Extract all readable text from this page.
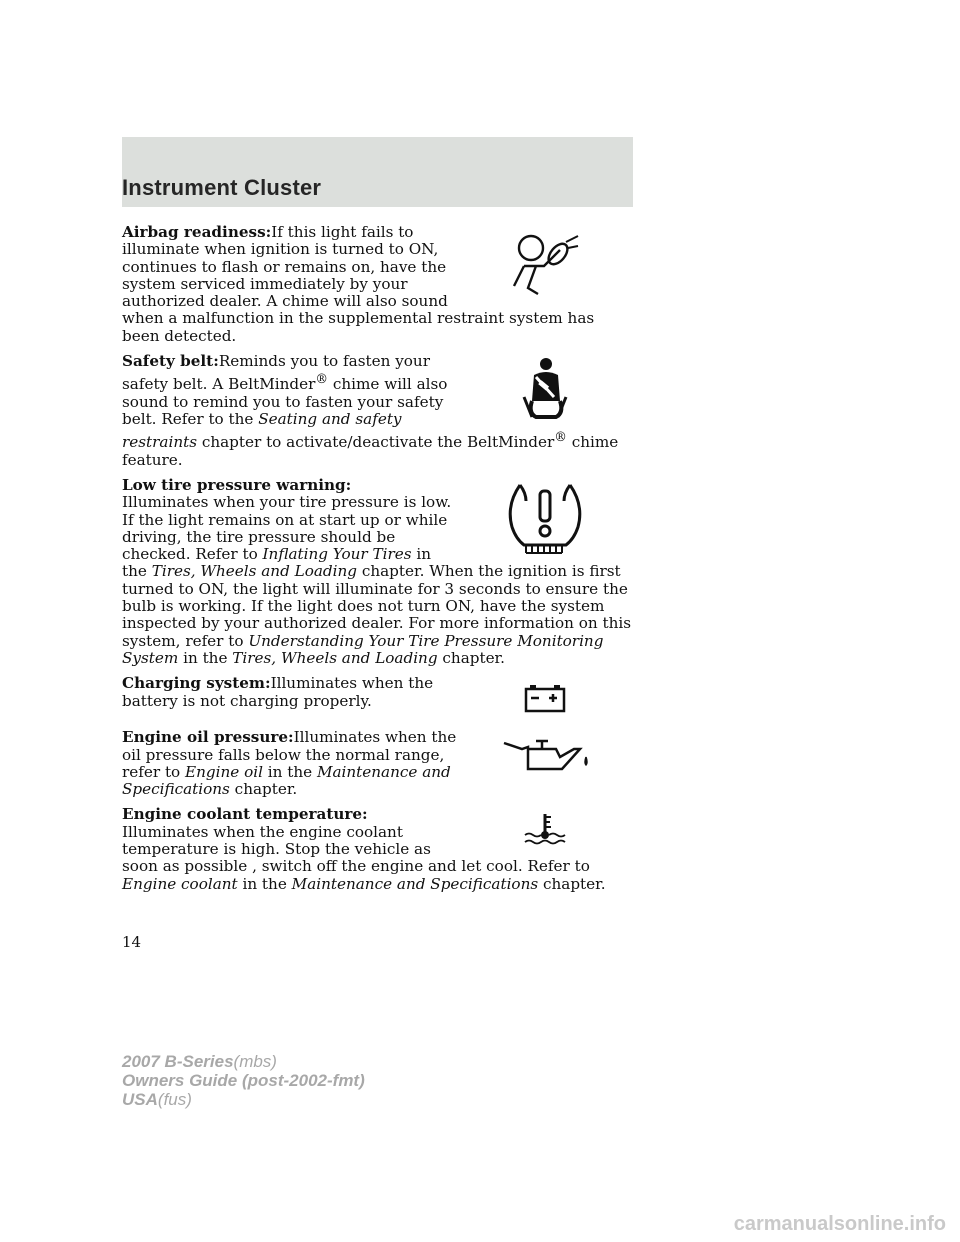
Instrument Cluster
Airbag readiness:If this light fails to illuminate when ignition is turned to ON, continues to flash or remains on, have the system serviced immediately by your authorized dealer. A chime will also sound when a malfunction in the supplemental restraint system has been detected.
Safety belt:Reminds you to fasten your safety belt. A BeltMinder® chime will also sound to remind you to fasten your safety belt. Refer to the Seating and safety restraints chapter to activate/deactivate the BeltMinder® chime feature.
Low tire pressure warning:
Illuminates when your tire pressure is low. If the light remains on at start up or while driving, the tire pressure should be checked. Refer to Inflating Your Tires in the Tires, Wheels and Loading chapter. When the ignition is first turned to ON, the light will illuminate for 3 seconds to ensure the bulb is working. If the light does not turn ON, have the system inspected by your authorized dealer. For more information on this system, refer to Understanding Your Tire Pressure Monitoring System in the Tires, Wheels and Loading chapter.
Charging system:Illuminates when the battery is not charging properly.
Engine oil pressure:Illuminates when the oil pressure falls below the normal range, refer to Engine oil in the Maintenance and Specifications chapter.
Engine coolant temperature:
Illuminates when the engine coolant temperature is high. Stop the vehicle as soon as possible , switch off the engine and let cool. Refer to Engine coolant in the Maintenance and Specifications chapter.
14
2007 B-Series(mbs)
Owners Guide (post-2002-fmt)
USA(fus)
carmanualsonline.info
